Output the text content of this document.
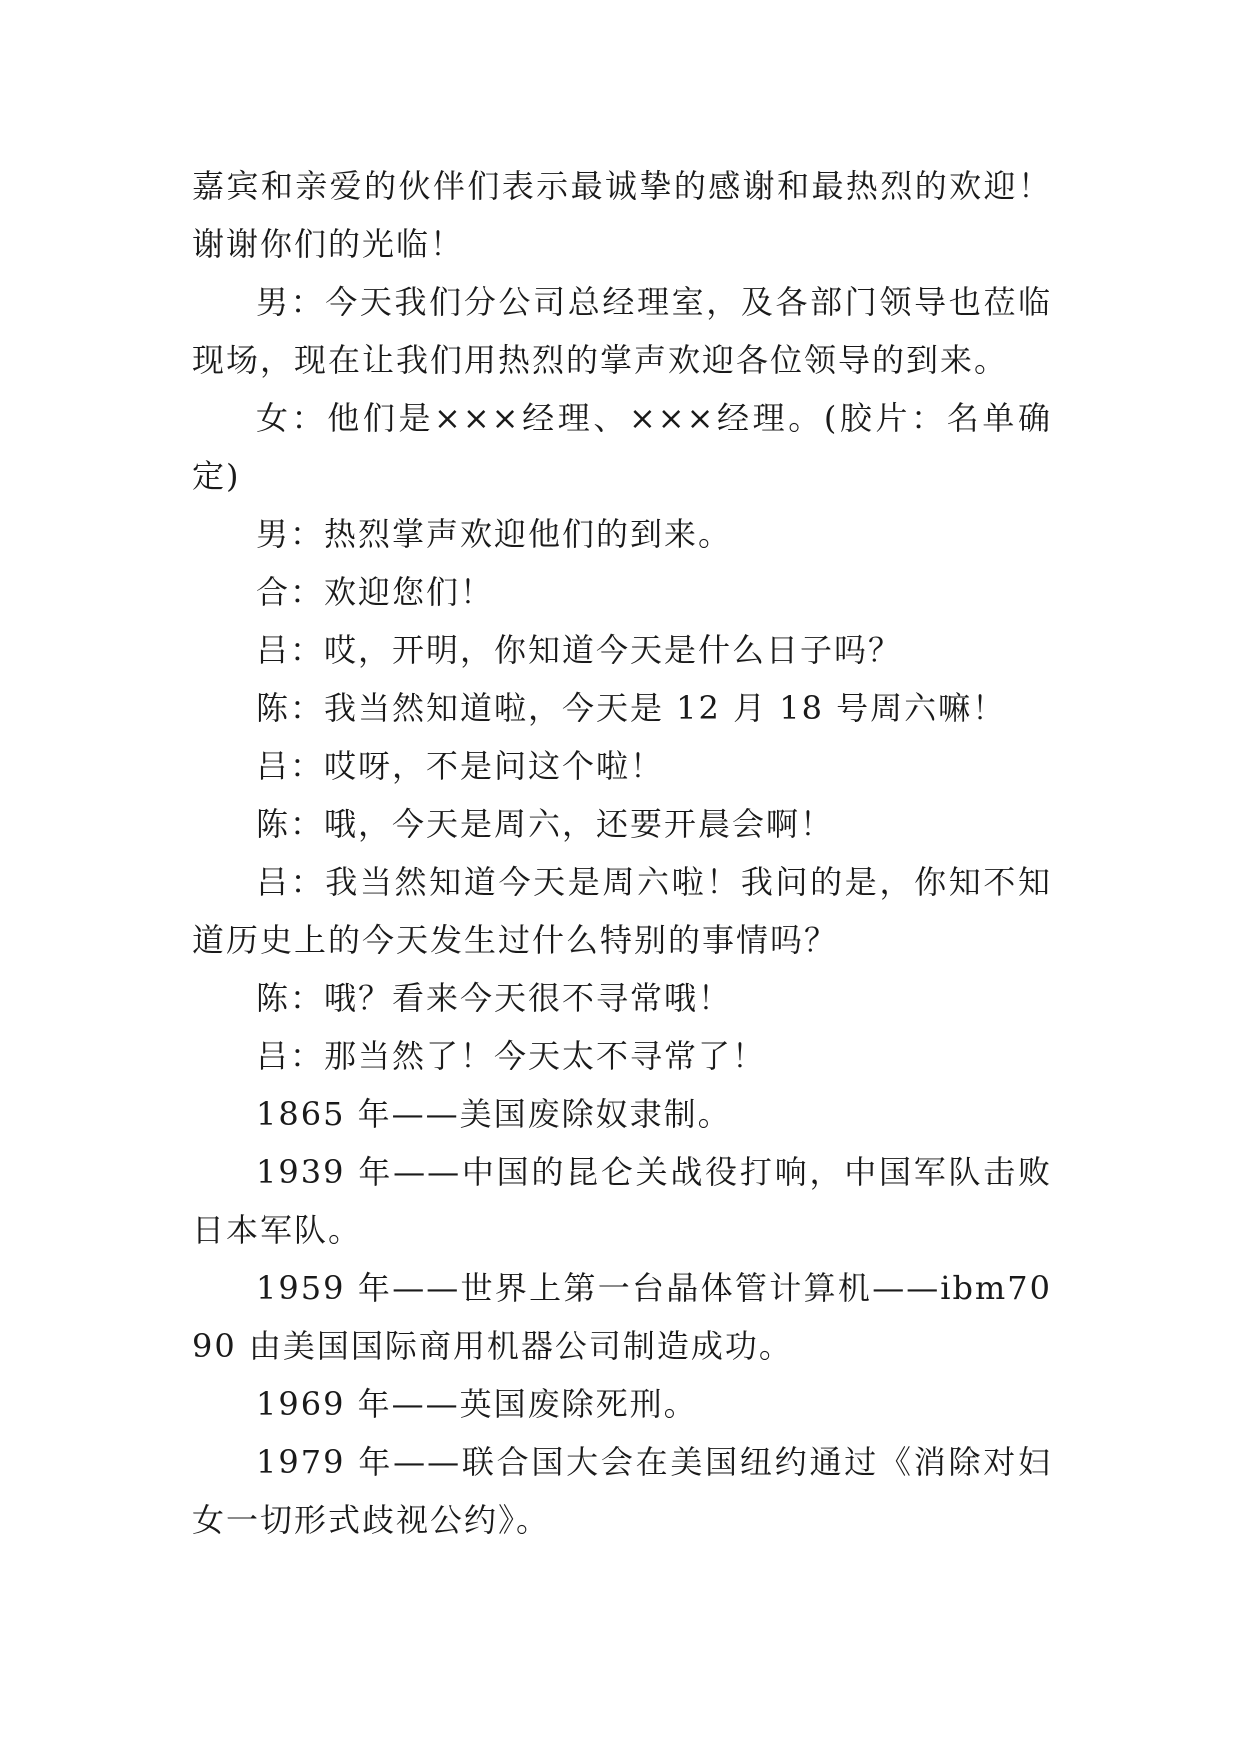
嘉宾和亲爱的伙伴们表示最诚挚的感谢和最热烈的欢迎！谢谢你们的光临！

男：今天我们分公司总经理室，及各部门领导也莅临现场，现在让我们用热烈的掌声欢迎各位领导的到来。

女：他们是×××经理、×××经理。(胶片：名单确定)

男：热烈掌声欢迎他们的到来。

合：欢迎您们！

吕：哎，开明，你知道今天是什么日子吗？

陈：我当然知道啦，今天是 12 月 18 号周六嘛！

吕：哎呀，不是问这个啦！

陈：哦，今天是周六，还要开晨会啊！

吕：我当然知道今天是周六啦！我问的是，你知不知道历史上的今天发生过什么特别的事情吗？

陈：哦？看来今天很不寻常哦！

吕：那当然了！今天太不寻常了！

1865 年——美国废除奴隶制。

1939 年——中国的昆仑关战役打响，中国军队击败日本军队。

1959 年——世界上第一台晶体管计算机——ibm7090 由美国国际商用机器公司制造成功。

1969 年——英国废除死刑。

1979 年——联合国大会在美国纽约通过《消除对妇女一切形式歧视公约》。
